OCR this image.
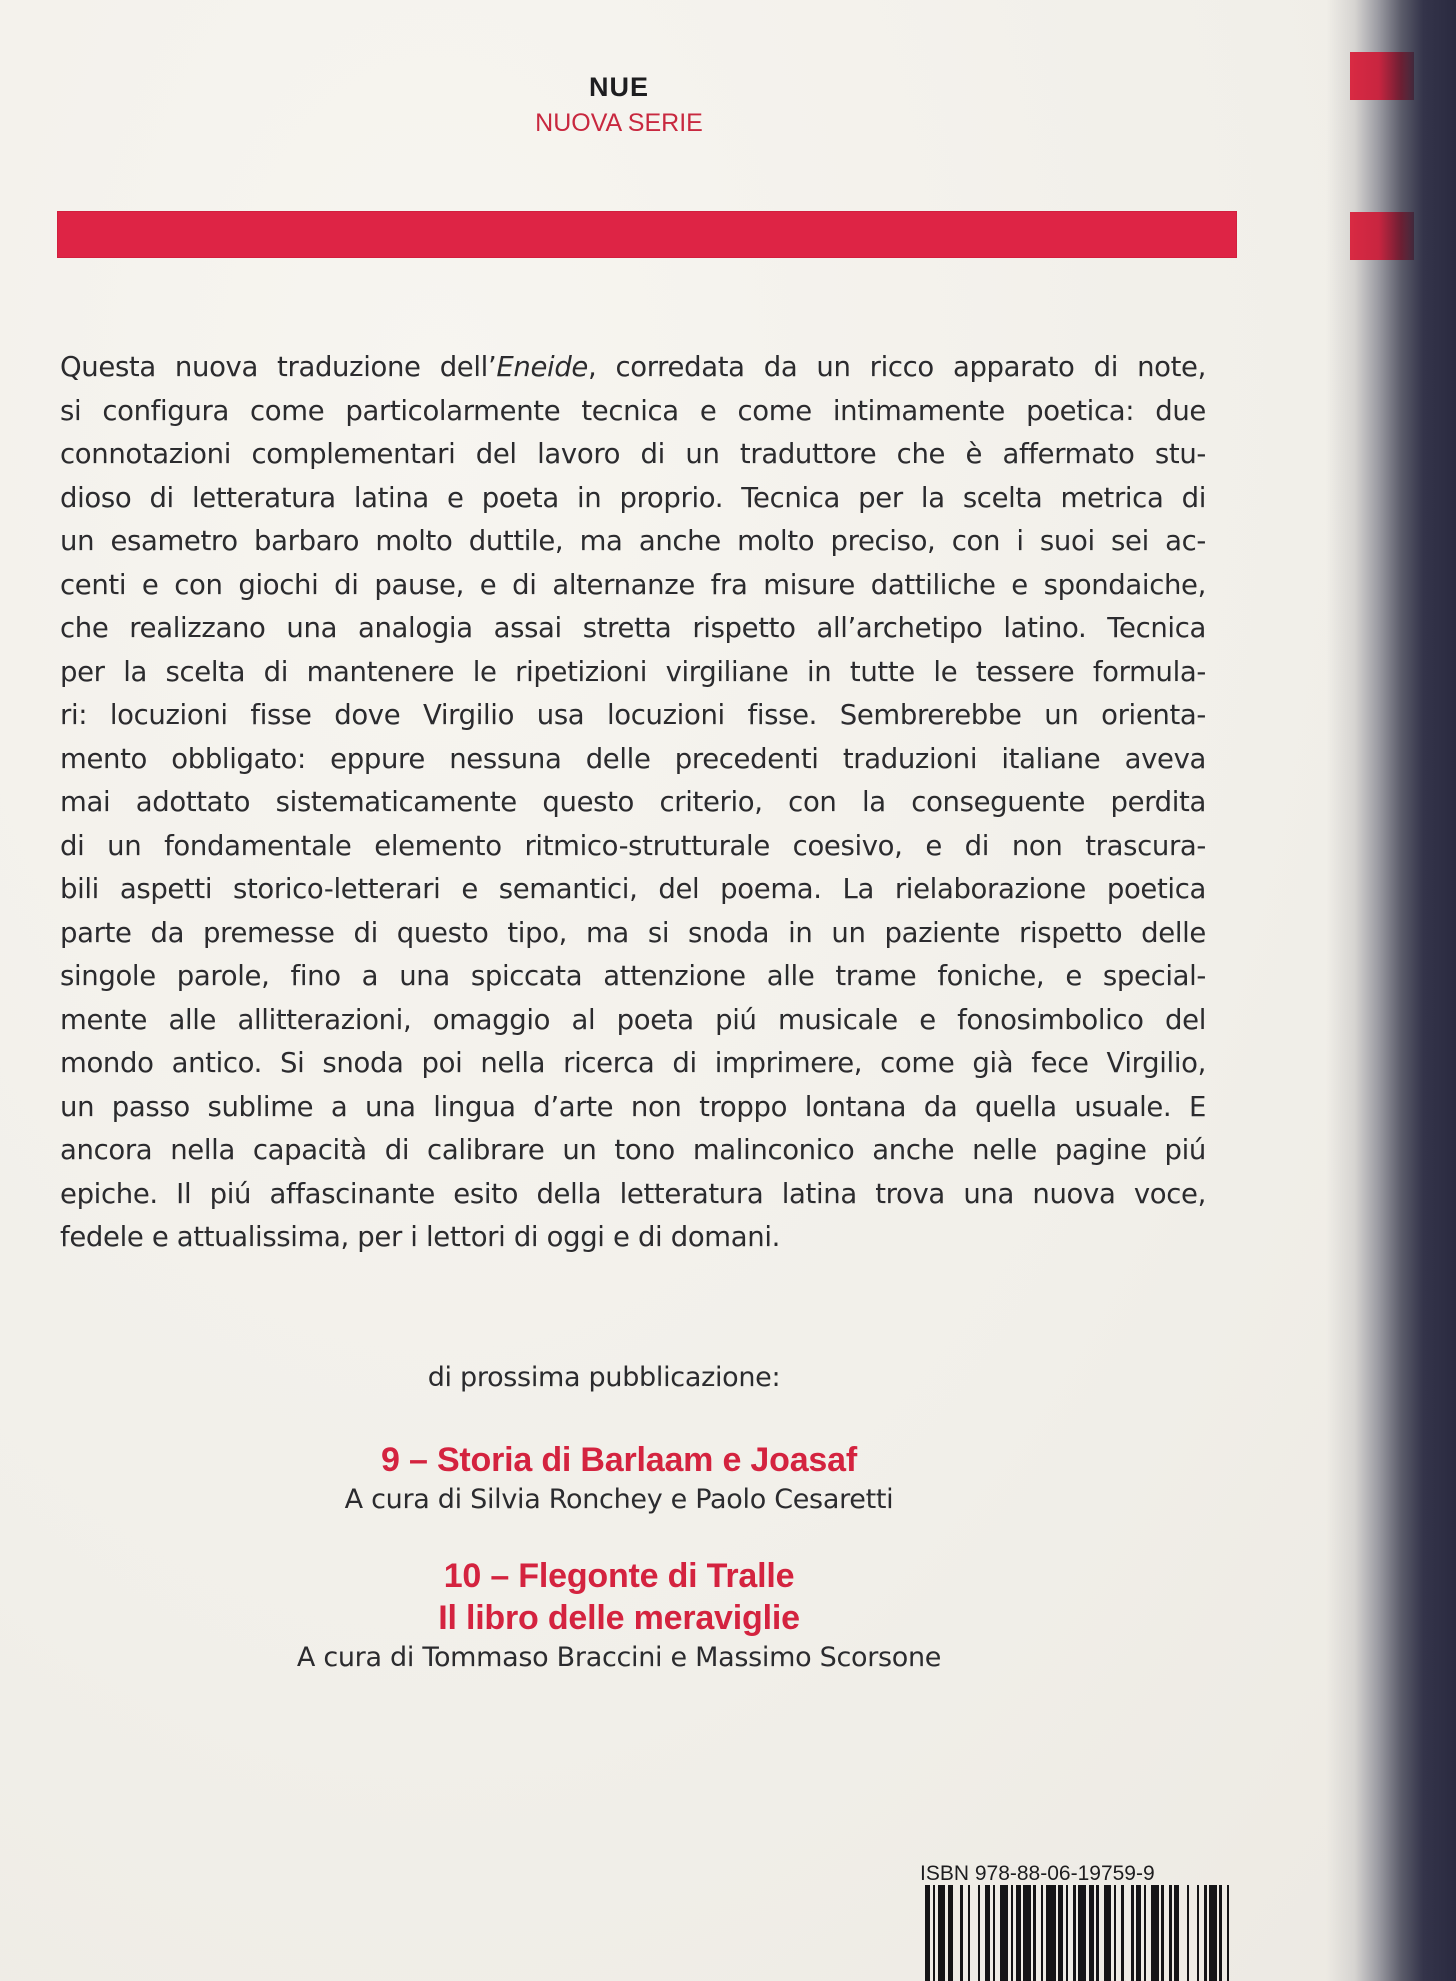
NUE
NUOVA SERIE
Questa nuova traduzione dell’Eneide, corredata da un ricco apparato di note,
si configura come particolarmente tecnica e come intimamente poetica: due
connotazioni complementari del lavoro di un traduttore che è affermato stu-
dioso di letteratura latina e poeta in proprio. Tecnica per la scelta metrica di
un esametro barbaro molto duttile, ma anche molto preciso, con i suoi sei ac-
centi e con giochi di pause, e di alternanze fra misure dattiliche e spondaiche,
che realizzano una analogia assai stretta rispetto all’archetipo latino. Tecnica
per la scelta di mantenere le ripetizioni virgiliane in tutte le tessere formula-
ri: locuzioni fisse dove Virgilio usa locuzioni fisse. Sembrerebbe un orienta-
mento obbligato: eppure nessuna delle precedenti traduzioni italiane aveva
mai adottato sistematicamente questo criterio, con la conseguente perdita
di un fondamentale elemento ritmico-strutturale coesivo, e di non trascura-
bili aspetti storico-letterari e semantici, del poema. La rielaborazione poetica
parte da premesse di questo tipo, ma si snoda in un paziente rispetto delle
singole parole, fino a una spiccata attenzione alle trame foniche, e special-
mente alle allitterazioni, omaggio al poeta piú musicale e fonosimbolico del
mondo antico. Si snoda poi nella ricerca di imprimere, come già fece Virgilio,
un passo sublime a una lingua d’arte non troppo lontana da quella usuale. E
ancora nella capacità di calibrare un tono malinconico anche nelle pagine piú
epiche. Il piú affascinante esito della letteratura latina trova una nuova voce,
fedele e attualissima, per i lettori di oggi e di domani.
di prossima pubblicazione:
9 – Storia di Barlaam e Joasaf
A cura di Silvia Ronchey e Paolo Cesaretti
10 – Flegonte di Tralle
Il libro delle meraviglie
A cura di Tommaso Braccini e Massimo Scorsone
ISBN 978-88-06-19759-9
